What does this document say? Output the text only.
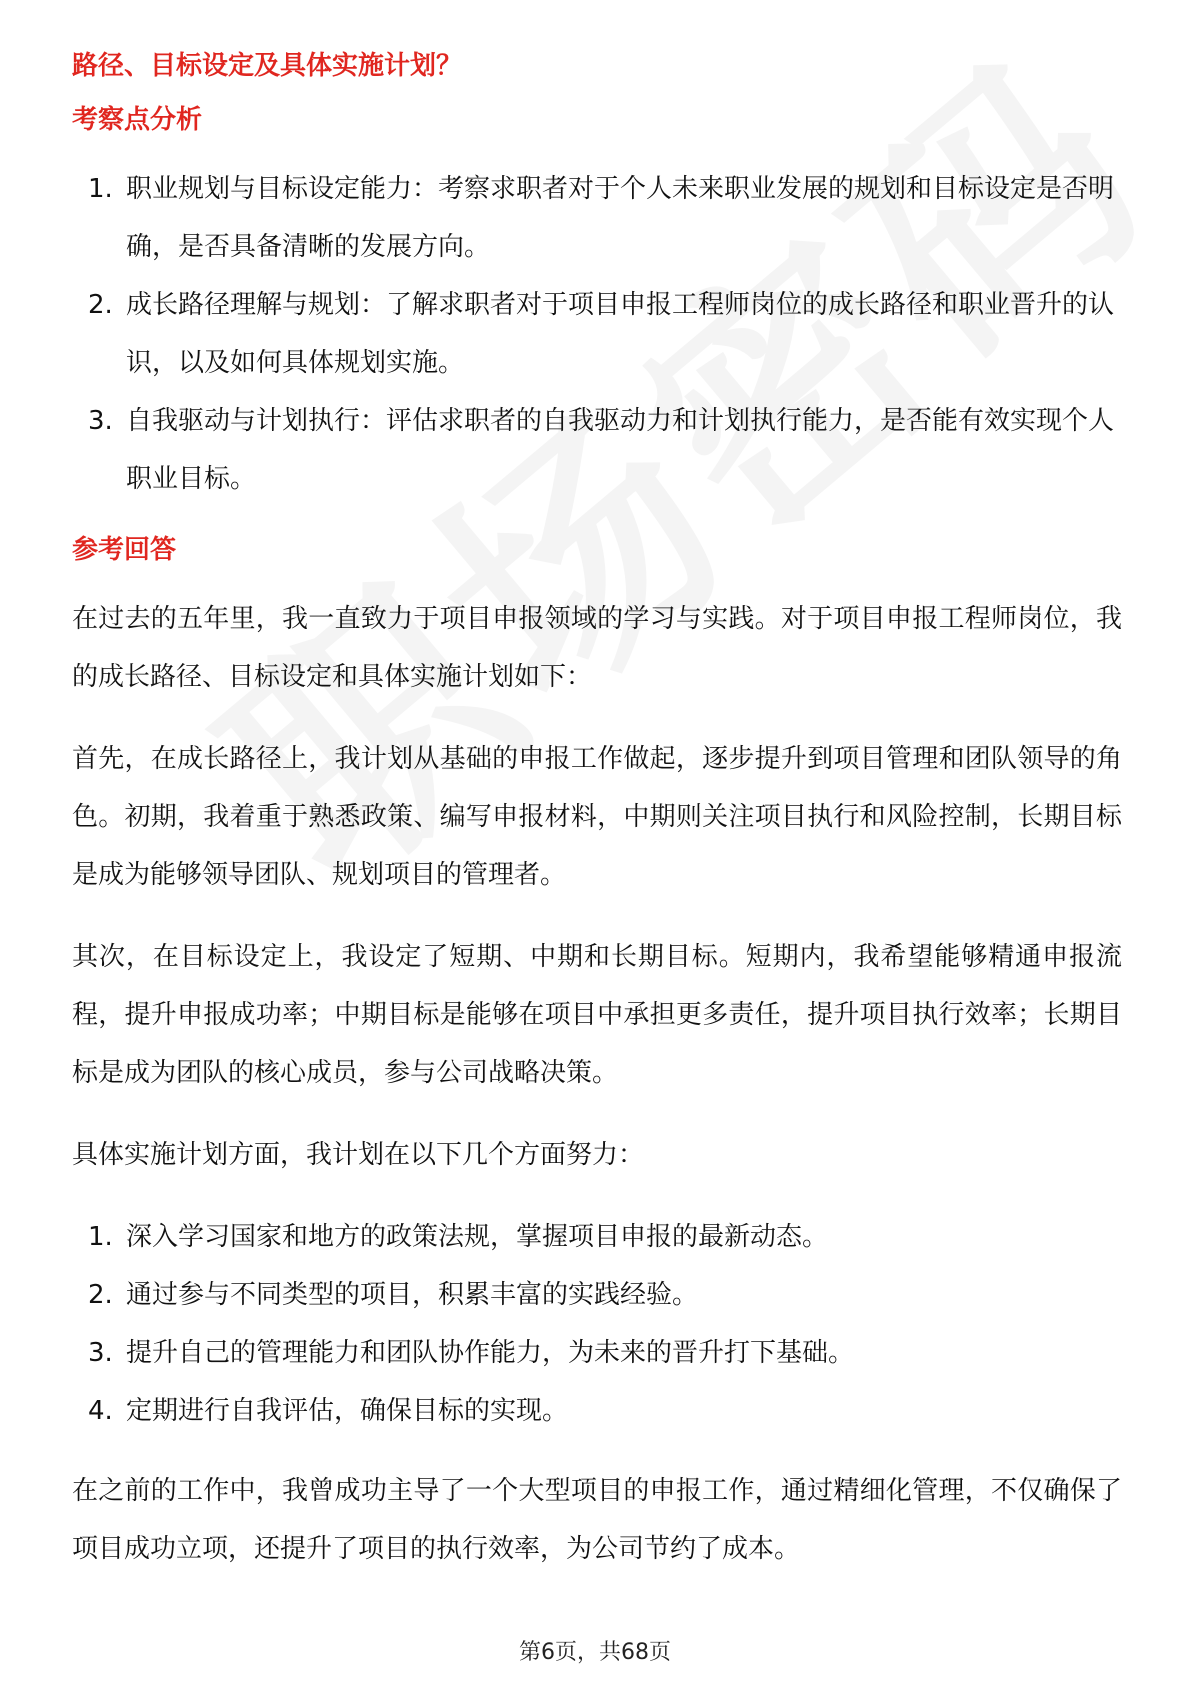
路径、目标设定及具体实施计划？
考察点分析
1. 职业规划与目标设定能力：考察求职者对于个人未来职业发展的规划和目标设定是否明确，是否具备清晰的发展方向。
2. 成长路径理解与规划：了解求职者对于项目申报工程师岗位的成长路径和职业晋升的认识，以及如何具体规划实施。
3. 自我驱动与计划执行：评估求职者的自我驱动力和计划执行能力，是否能有效实现个人职业目标。
参考回答

在过去的五年里，我一直致力于项目申报领域的学习与实践。对于项目申报工程师岗位，我的成长路径、目标设定和具体实施计划如下：

首先，在成长路径上，我计划从基础的申报工作做起，逐步提升到项目管理和团队领导的角色。初期，我着重于熟悉政策、编写申报材料，中期则关注项目执行和风险控制，长期目标是成为能够领导团队、规划项目的管理者。

其次，在目标设定上，我设定了短期、中期和长期目标。短期内，我希望能够精通申报流程，提升申报成功率；中期目标是能够在项目中承担更多责任，提升项目执行效率；长期目标是成为团队的核心成员，参与公司战略决策。

具体实施计划方面，我计划在以下几个方面努力：

1. 深入学习国家和地方的政策法规，掌握项目申报的最新动态。
2. 通过参与不同类型的项目，积累丰富的实践经验。
3. 提升自己的管理能力和团队协作能力，为未来的晋升打下基础。
4. 定期进行自我评估，确保目标的实现。

在之前的工作中，我曾成功主导了一个大型项目的申报工作，通过精细化管理，不仅确保了项目成功立项，还提升了项目的执行效率，为公司节约了成本。

第6页，共68页
